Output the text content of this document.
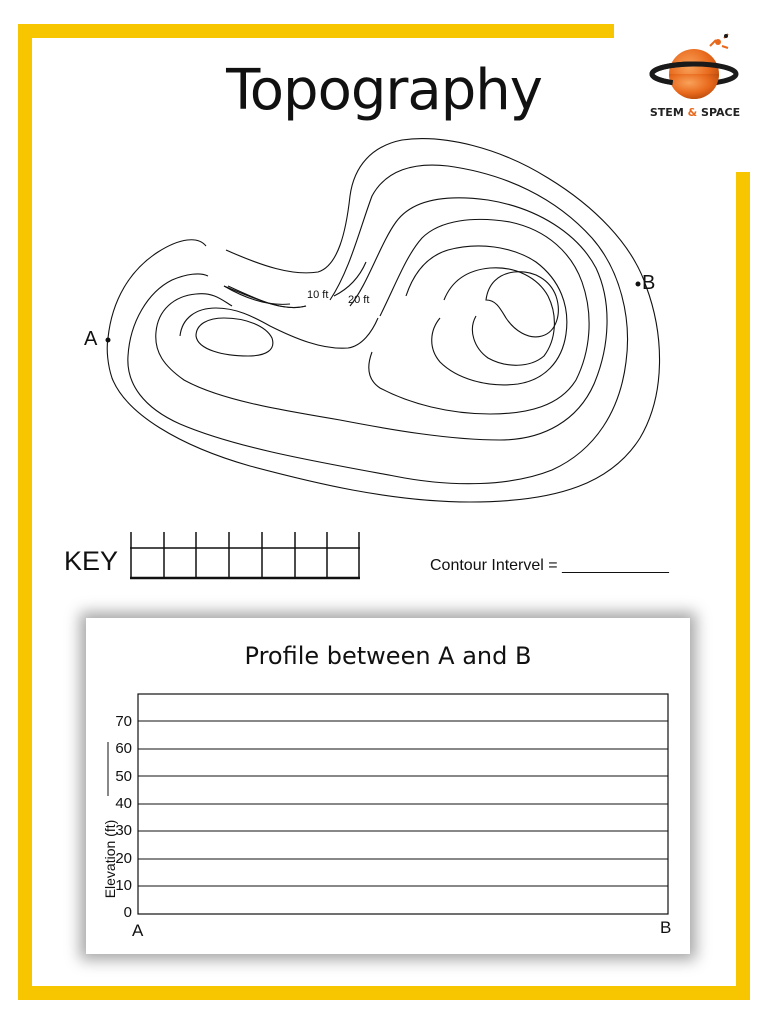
Topography	STEM & SPACE
A
B
10 ft 20 ft
KEY	Contour Intervel = ____________
Profile between A and B
70
60
50
40
30
20
10
0
Elevation (ft)
A	B
